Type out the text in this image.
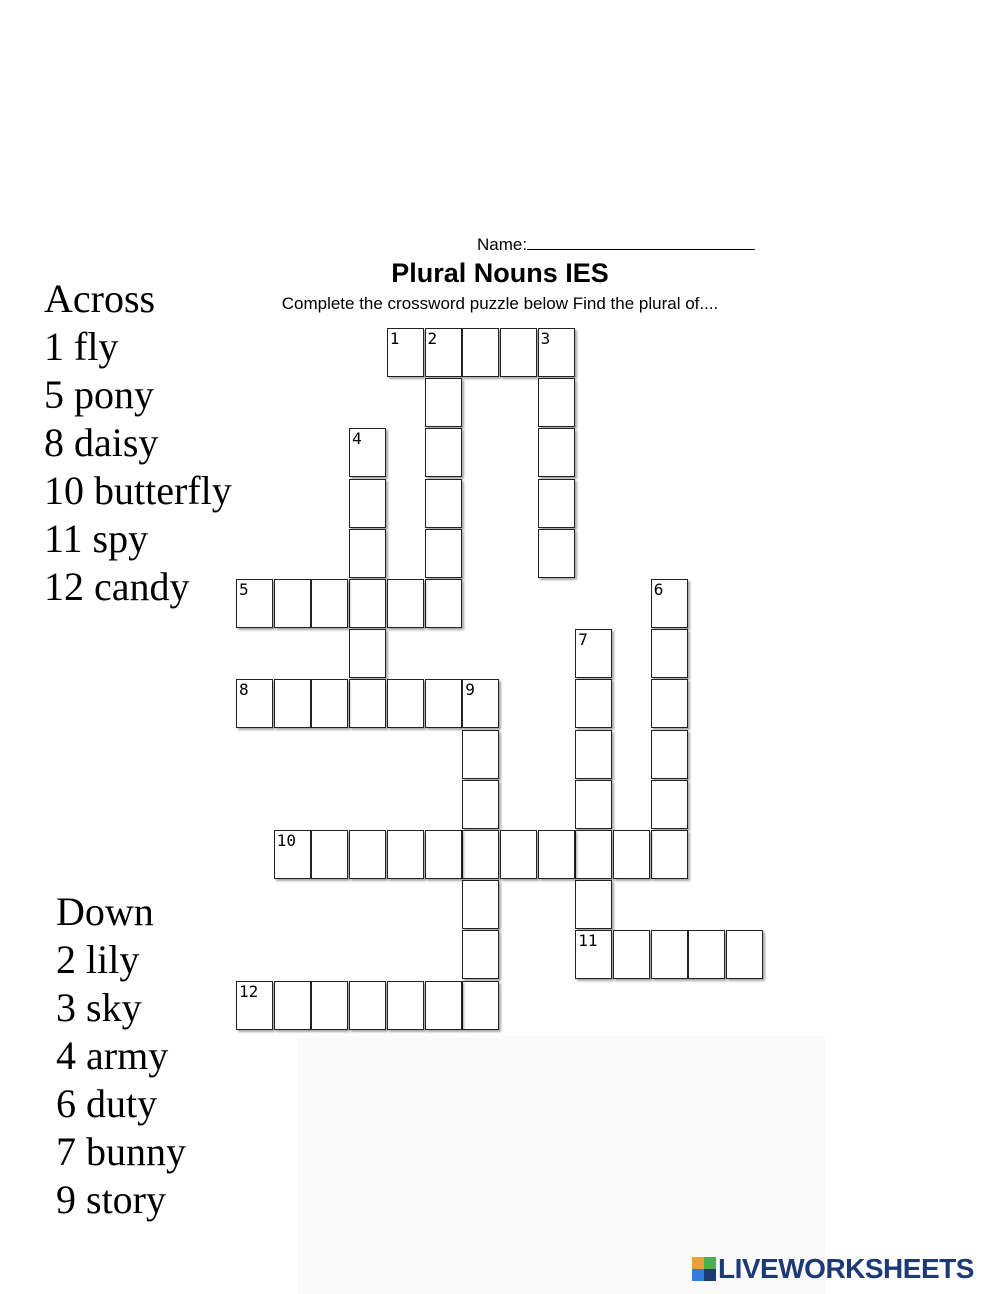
Name:
Plural Nouns IES
Complete the crossword puzzle below Find the plural of....
Across
1 fly
5 pony
8 daisy
10 butterfly
11 spy
12 candy
Down
2 lily
3 sky
4 army
6 duty
7 bunny
9 story
1 2	3
4
5	6
7
11
8	9
10
12
LIVEWORKSHEETS
